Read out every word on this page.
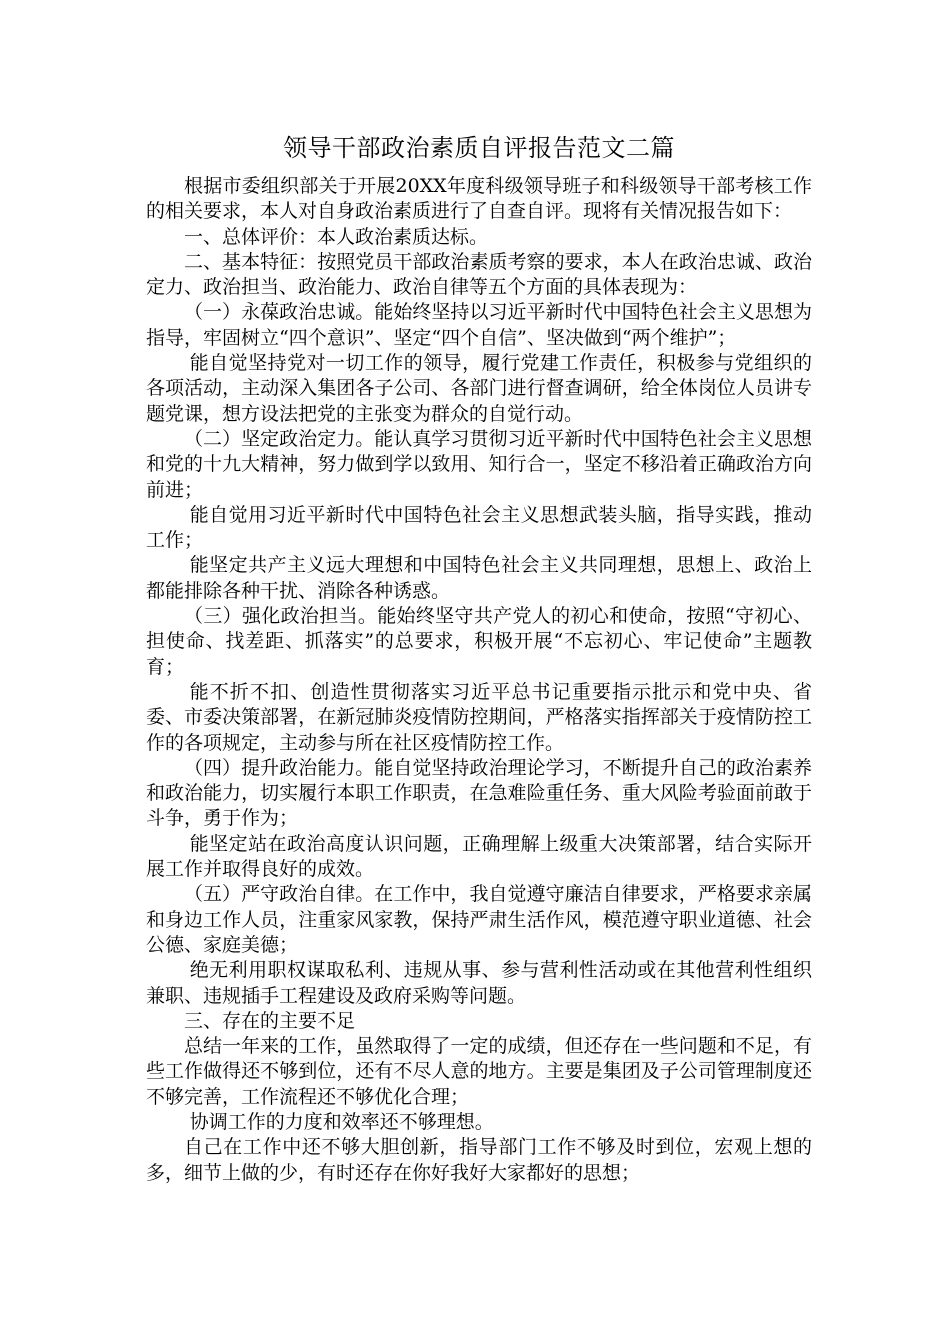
领导干部政治素质自评报告范文二篇

根据市委组织部关于开展20XX年度科级领导班子和科级领导干部考核工作的相关要求，本人对自身政治素质进行了自查自评。现将有关情况报告如下：

一、总体评价：本人政治素质达标。

二、基本特征：按照党员干部政治素质考察的要求，本人在政治忠诚、政治定力、政治担当、政治能力、政治自律等五个方面的具体表现为：

（一）永葆政治忠诚。能始终坚持以习近平新时代中国特色社会主义思想为指导，牢固树立“四个意识”、坚定“四个自信”、坚决做到“两个维护”；

能自觉坚持党对一切工作的领导，履行党建工作责任，积极参与党组织的各项活动，主动深入集团各子公司、各部门进行督查调研，给全体岗位人员讲专题党课，想方设法把党的主张变为群众的自觉行动。

（二）坚定政治定力。能认真学习贯彻习近平新时代中国特色社会主义思想和党的十九大精神，努力做到学以致用、知行合一，坚定不移沿着正确政治方向前进；

能自觉用习近平新时代中国特色社会主义思想武装头脑，指导实践，推动工作；

能坚定共产主义远大理想和中国特色社会主义共同理想，思想上、政治上都能排除各种干扰、消除各种诱惑。

（三）强化政治担当。能始终坚守共产党人的初心和使命，按照“守初心、担使命、找差距、抓落实”的总要求，积极开展“不忘初心、牢记使命”主题教育；

能不折不扣、创造性贯彻落实习近平总书记重要指示批示和党中央、省委、市委决策部署，在新冠肺炎疫情防控期间，严格落实指挥部关于疫情防控工作的各项规定，主动参与所在社区疫情防控工作。

（四）提升政治能力。能自觉坚持政治理论学习，不断提升自己的政治素养和政治能力，切实履行本职工作职责，在急难险重任务、重大风险考验面前敢于斗争，勇于作为；

能坚定站在政治高度认识问题，正确理解上级重大决策部署，结合实际开展工作并取得良好的成效。

（五）严守政治自律。在工作中，我自觉遵守廉洁自律要求，严格要求亲属和身边工作人员，注重家风家教，保持严肃生活作风，模范遵守职业道德、社会公德、家庭美德；

绝无利用职权谋取私利、违规从事、参与营利性活动或在其他营利性组织兼职、违规插手工程建设及政府采购等问题。

三、存在的主要不足

总结一年来的工作，虽然取得了一定的成绩，但还存在一些问题和不足，有些工作做得还不够到位，还有不尽人意的地方。主要是集团及子公司管理制度还不够完善，工作流程还不够优化合理；

协调工作的力度和效率还不够理想。

自己在工作中还不够大胆创新，指导部门工作不够及时到位，宏观上想的多，细节上做的少，有时还存在你好我好大家都好的思想；
